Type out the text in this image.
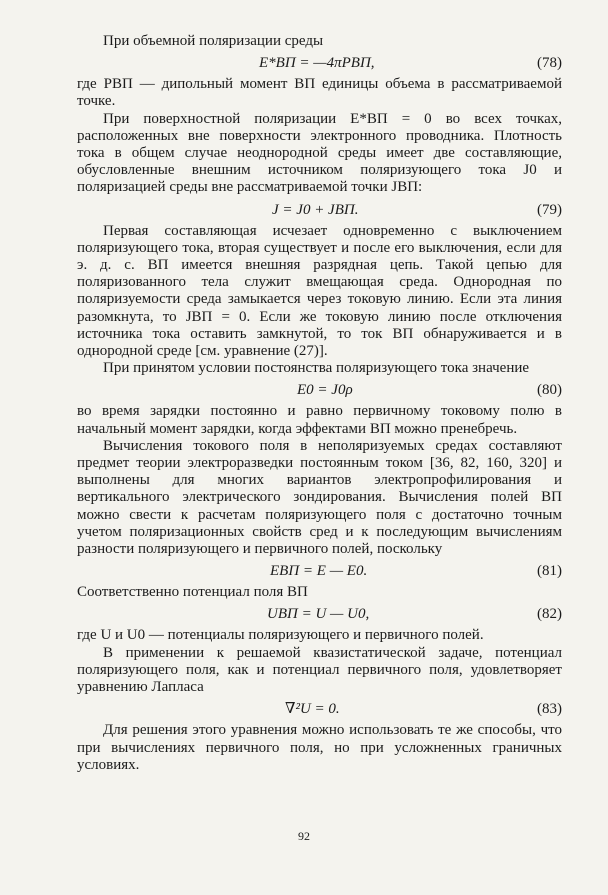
При объемной поляризации среды

E*ВП = —4πPВП,	(78)

где PВП — дипольный момент ВП единицы объема в рассматриваемой точке.

При поверхностной поляризации E*ВП = 0 во всех точках, расположенных вне поверхности электронного проводника. Плотность тока в общем случае неоднородной среды имеет две составляющие, обусловленные внешним источником поляризующего тока J0 и поляризацией среды вне рассматриваемой точки JВП:

J = J0 + JВП.	(79)

Первая составляющая исчезает одновременно с выключением поляризующего тока, вторая существует и после его выключения, если для э. д. с. ВП имеется внешняя разрядная цепь. Такой цепью для поляризованного тела служит вмещающая среда. Однородная по поляризуемости среда замыкается через токовую линию. Если эта линия разомкнута, то JВП = 0. Если же токовую линию после отключения источника тока оставить замкнутой, то ток ВП обнаруживается и в однородной среде [см. уравнение (27)].

При принятом условии постоянства поляризующего тока значение

E0 = J0ρ	(80)

во время зарядки постоянно и равно первичному токовому полю в начальный момент зарядки, когда эффектами ВП можно пренебречь.

Вычисления токового поля в неполяризуемых средах составляют предмет теории электроразведки постоянным током [36, 82, 160, 320] и выполнены для многих вариантов электропрофилирования и вертикального электрического зондирования. Вычисления полей ВП можно свести к расчетам поляризующего поля с достаточно точным учетом поляризационных свойств сред и к последующим вычислениям разности поляризующего и первичного полей, поскольку

EВП = E — E0.	(81)

Соответственно потенциал поля ВП

UВП = U — U0,	(82)

где U и U0 — потенциалы поляризующего и первичного полей.

В применении к решаемой квазистатической задаче, потенциал поляризующего поля, как и потенциал первичного поля, удовлетворяет уравнению Лапласа

∇²U = 0.	(83)

Для решения этого уравнения можно использовать те же способы, что при вычислениях первичного поля, но при усложненных граничных условиях.

92
